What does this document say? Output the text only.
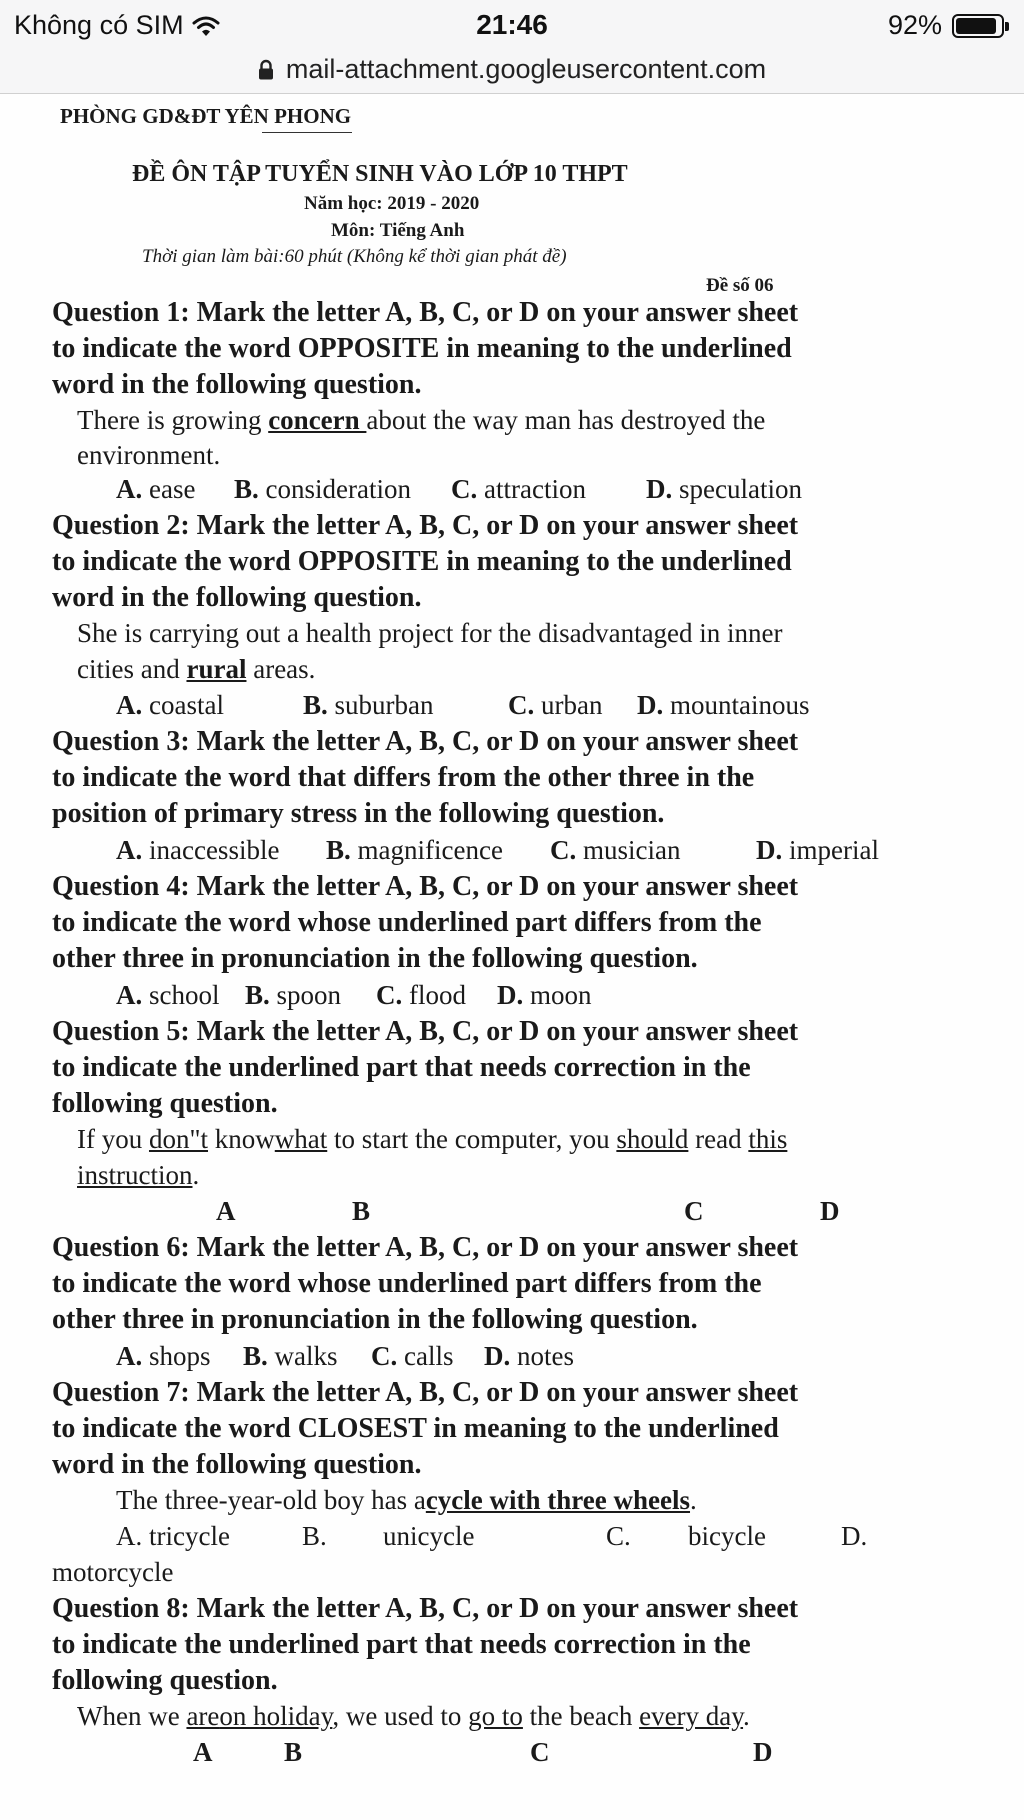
Không có SIM	21:46	92%
mail-attachment.googleusercontent.com
PHÒNG GD&ĐT YÊN PHONG
ĐỀ ÔN TẬP TUYỂN SINH VÀO LỚP 10 THPT
Năm học: 2019 - 2020
Môn: Tiếng Anh
Thời gian làm bài:60 phút (Không kể thời gian phát đề)
Đề số 06
Question 1: Mark the letter A, B, C, or D on your answer sheet
to indicate the word OPPOSITE in meaning to the underlined
word in the following question.
There is growing concern about the way man has destroyed the
environment.
A. ease B. consideration C. attraction D. speculation
Question 2: Mark the letter A, B, C, or D on your answer sheet
to indicate the word OPPOSITE in meaning to the underlined
word in the following question.
She is carrying out a health project for the disadvantaged in inner
cities and rural areas.
A. coastal	B. suburban	C. urban D. mountainous
Question 3: Mark the letter A, B, C, or D on your answer sheet
to indicate the word that differs from the other three in the
position of primary stress in the following question.
A. inaccessible B. magnificence C. musician	D. imperial
Question 4: Mark the letter A, B, C, or D on your answer sheet
to indicate the word whose underlined part differs from the
other three in pronunciation in the following question.
A. school B. spoon C. flood D. moon
Question 5: Mark the letter A, B, C, or D on your answer sheet
to indicate the underlined part that needs correction in the
following question.
If you don"t knowwhat to start the computer, you should read this
instruction.
A	B	C	D
Question 6: Mark the letter A, B, C, or D on your answer sheet
to indicate the word whose underlined part differs from the
other three in pronunciation in the following question.
A. shops B. walks C. calls D. notes
Question 7: Mark the letter A, B, C, or D on your answer sheet
to indicate the word CLOSEST in meaning to the underlined
word in the following question.
The three-year-old boy has acycle with three wheels.
A. tricycle	B. unicycle	C. bicycle	D.
motorcycle
Question 8: Mark the letter A, B, C, or D on your answer sheet
to indicate the underlined part that needs correction in the
following question.
When we areon holiday, we used to go to the beach every day.
A	B	C	D
